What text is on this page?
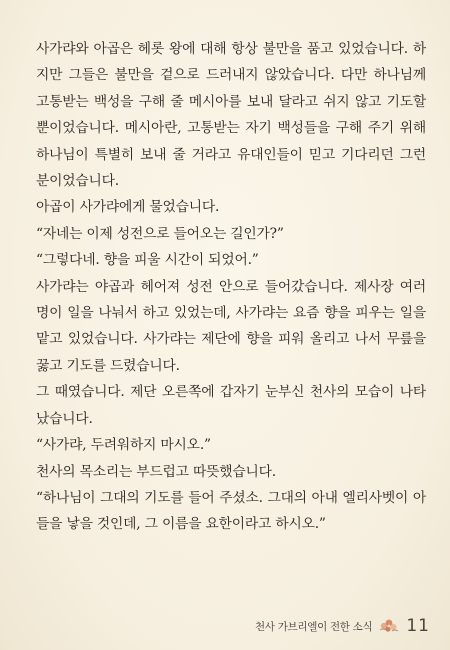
사가랴와 아곱은 헤롯 왕에 대해 항상 불만을 품고 있었습니다. 하지만 그들은 불만을 겉으로 드러내지 않았습니다. 다만 하나님께 고통받는 백성을 구해 줄 메시아를 보내 달라고 쉬지 않고 기도할 뿐이었습니다. 메시아란, 고통받는 자기 백성들을 구해 주기 위해 하나님이 특별히 보내 줄 거라고 유대인들이 믿고 기다리던 그런 분이었습니다.

아곱이 사가랴에게 물었습니다.

“자네는 이제 성전으로 들어오는 길인가?”

“그렇다네. 향을 피울 시간이 되었어.”

사가랴는 야곱과 헤어져 성전 안으로 들어갔습니다. 제사장 여러 명이 일을 나눠서 하고 있었는데, 사가랴는 요즘 향을 피우는 일을 맡고 있었습니다. 사가랴는 제단에 향을 피워 올리고 나서 무릎을 꿇고 기도를 드렸습니다.

그 때였습니다. 제단 오른쪽에 갑자기 눈부신 천사의 모습이 나타났습니다.

“사가랴, 두려워하지 마시오.”

천사의 목소리는 부드럽고 따뜻했습니다.

“하나님이 그대의 기도를 들어 주셨소. 그대의 아내 엘리사벳이 아들을 낳을 것인데, 그 이름을 요한이라고 하시오.”

천사 가브리엘이 전한 소식 11
